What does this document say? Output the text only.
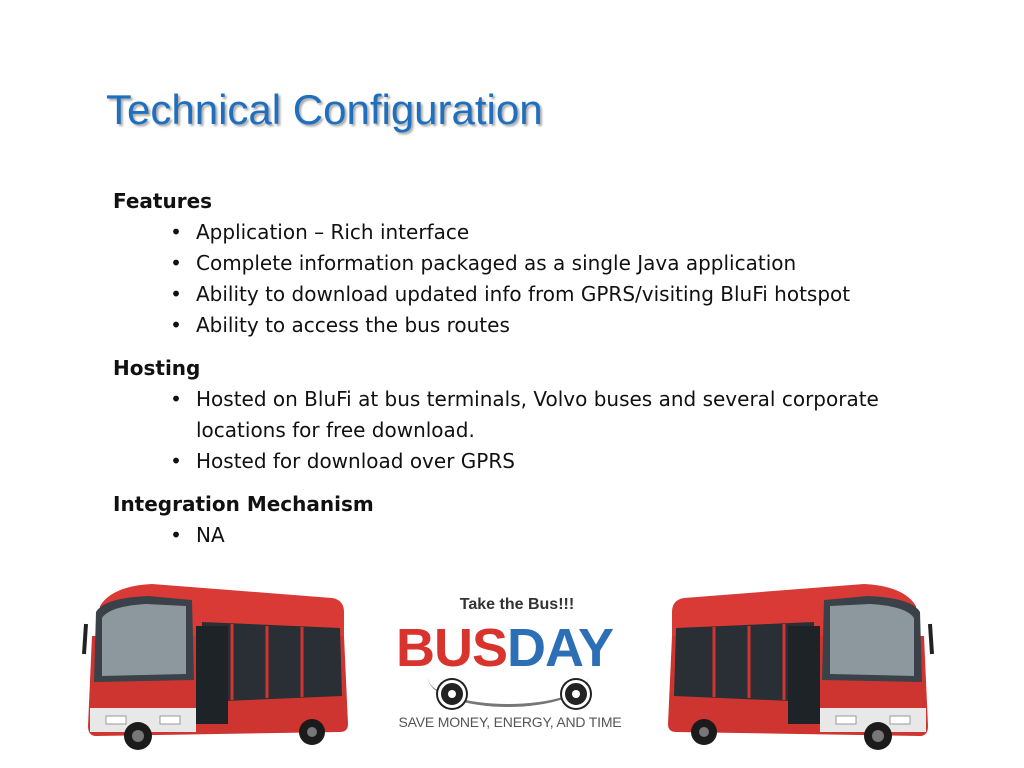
Technical Configuration
Features
• Application – Rich interface
• Complete information packaged as a single Java application
• Ability to download updated info from GPRS/visiting BluFi hotspot
• Ability to access the bus routes
Hosting
• Hosted on BluFi at bus terminals, Volvo buses and several corporate locations for free download.
• Hosted for download over GPRS
Integration Mechanism
• NA
Take the Bus!!!
BUSDAY
SAVE MONEY, ENERGY, AND TIME
